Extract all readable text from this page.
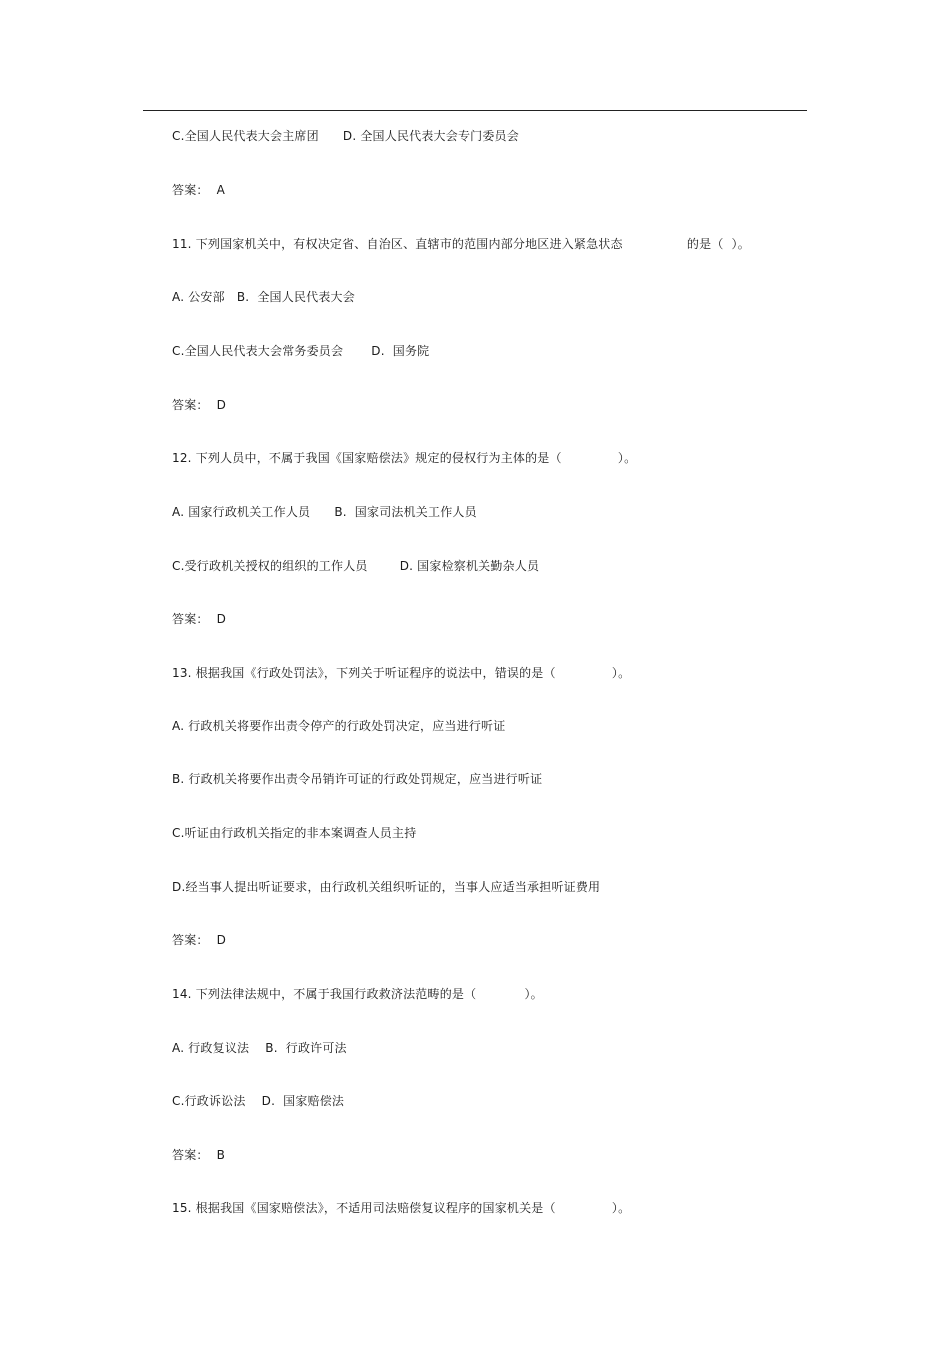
C.全国人民代表大会主席团      D. 全国人民代表大会专门委员会
答案：  A
11. 下列国家机关中，有权决定省、自治区、直辖市的范围内部分地区进入紧急状态                的是（  ）。
A. 公安部   B.  全国人民代表大会
C.全国人民代表大会常务委员会       D.  国务院
答案：  D
12. 下列人员中，不属于我国《国家赔偿法》规定的侵权行为主体的是（              ）。
A. 国家行政机关工作人员      B.  国家司法机关工作人员
C.受行政机关授权的组织的工作人员        D. 国家检察机关勤杂人员
答案：  D
13. 根据我国《行政处罚法》，下列关于听证程序的说法中，错误的是（              ）。
A. 行政机关将要作出责令停产的行政处罚决定，应当进行听证
B. 行政机关将要作出责令吊销许可证的行政处罚规定，应当进行听证
C.听证由行政机关指定的非本案调查人员主持
D.经当事人提出听证要求，由行政机关组织听证的，当事人应适当承担听证费用
答案：  D
14. 下列法律法规中，不属于我国行政救济法范畴的是（            ）。
A. 行政复议法    B.  行政许可法
C.行政诉讼法    D.  国家赔偿法
答案：  B
15. 根据我国《国家赔偿法》，不适用司法赔偿复议程序的国家机关是（              ）。
